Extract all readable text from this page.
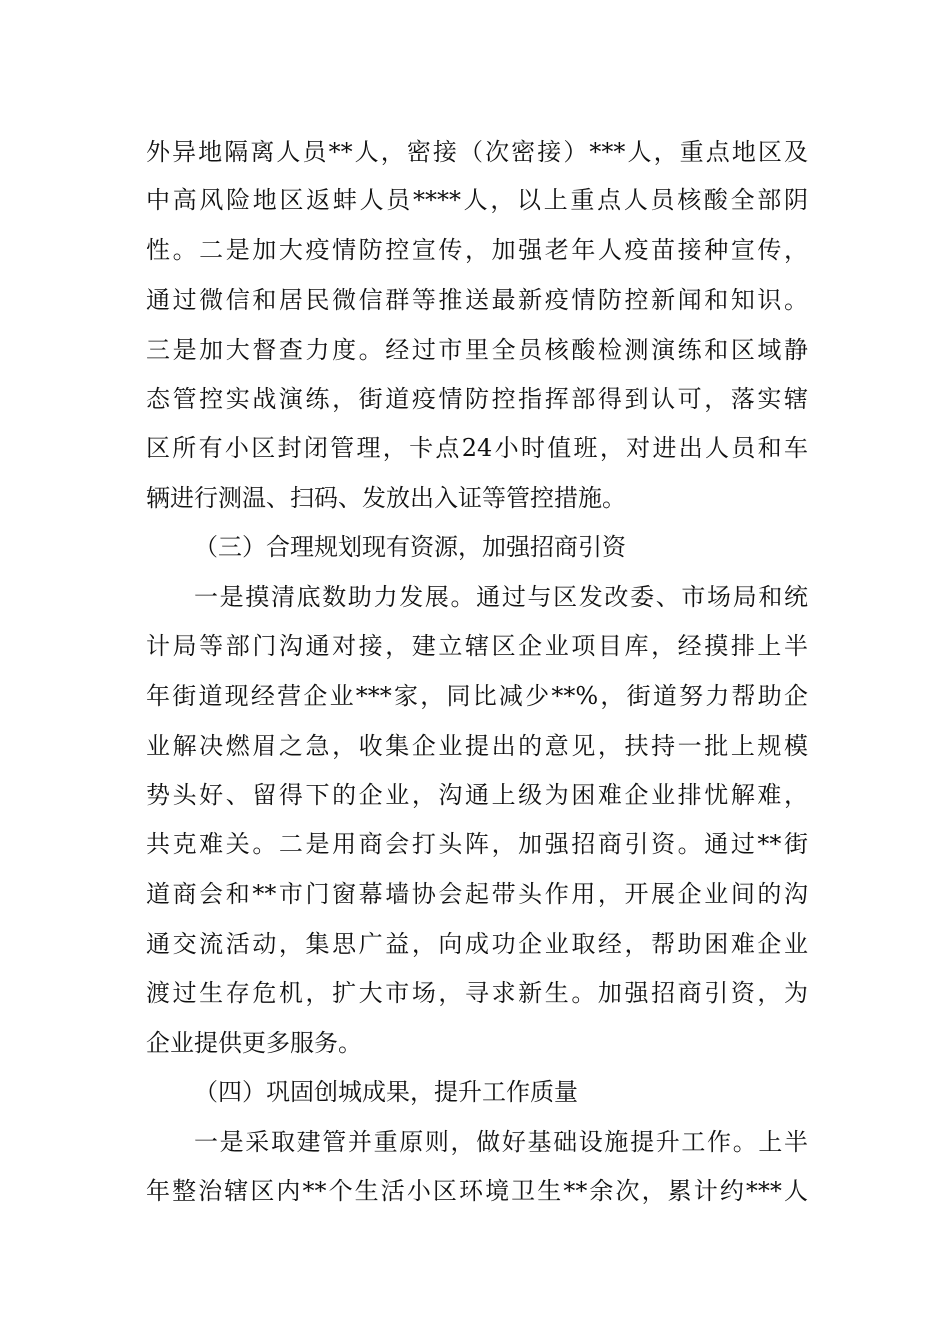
外异地隔离人员**人，密接（次密接）***人，重点地区及
中高风险地区返蚌人员****人，以上重点人员核酸全部阴
性。二是加大疫情防控宣传，加强老年人疫苗接种宣传，
通过微信和居民微信群等推送最新疫情防控新闻和知识。
三是加大督查力度。经过市里全员核酸检测演练和区域静
态管控实战演练，街道疫情防控指挥部得到认可，落实辖
区所有小区封闭管理，卡点24小时值班，对进出人员和车
辆进行测温、扫码、发放出入证等管控措施。
（三）合理规划现有资源，加强招商引资
一是摸清底数助力发展。通过与区发改委、市场局和统
计局等部门沟通对接，建立辖区企业项目库，经摸排上半
年街道现经营企业***家，同比减少**%，街道努力帮助企
业解决燃眉之急，收集企业提出的意见，扶持一批上规模
势头好、留得下的企业，沟通上级为困难企业排忧解难，
共克难关。二是用商会打头阵，加强招商引资。通过**街
道商会和**市门窗幕墙协会起带头作用，开展企业间的沟
通交流活动，集思广益，向成功企业取经，帮助困难企业
渡过生存危机，扩大市场，寻求新生。加强招商引资，为
企业提供更多服务。
（四）巩固创城成果，提升工作质量
一是采取建管并重原则，做好基础设施提升工作。上半
年整治辖区内**个生活小区环境卫生**余次，累计约***人
